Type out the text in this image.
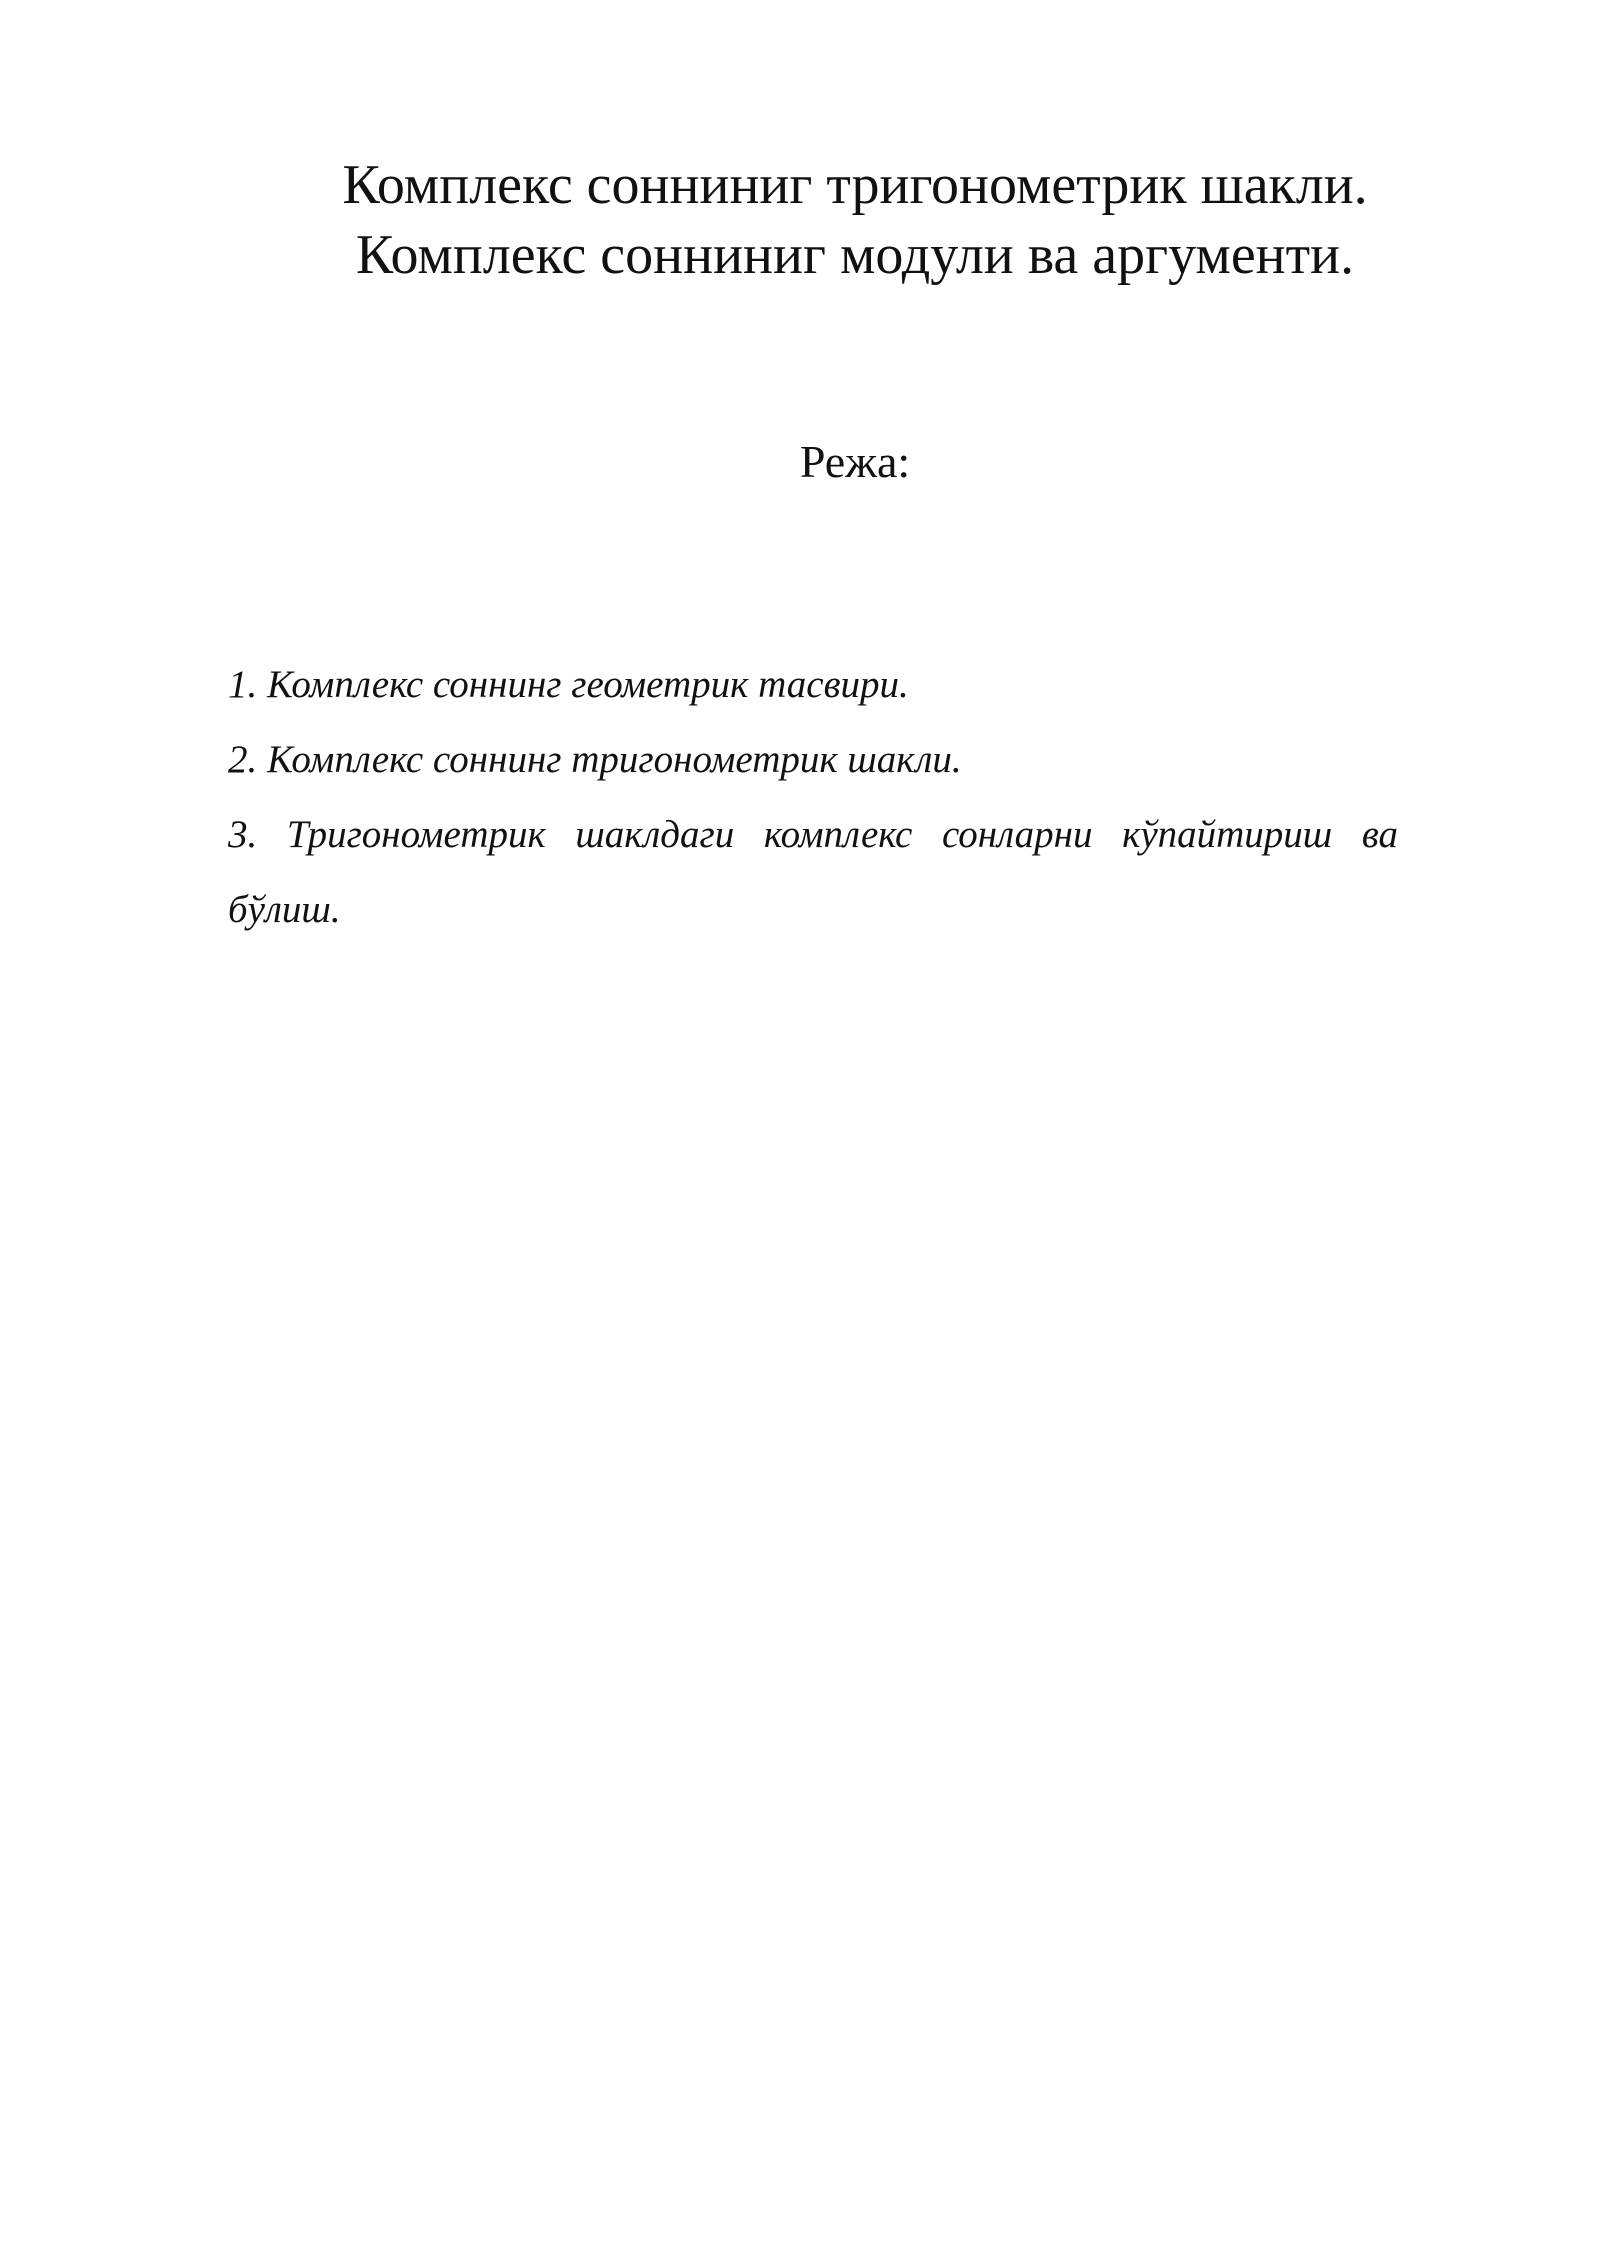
Комплекс сонниниг тригонометрик шакли.
Комплекс сонниниг модули ва аргументи.
Режа:
1. Комплекс соннинг геометрик тасвири.
2. Комплекс соннинг тригонометрик шакли.
3. Тригонометрик шаклдаги комплекс сонларни кўпайтириш ва бўлиш.
